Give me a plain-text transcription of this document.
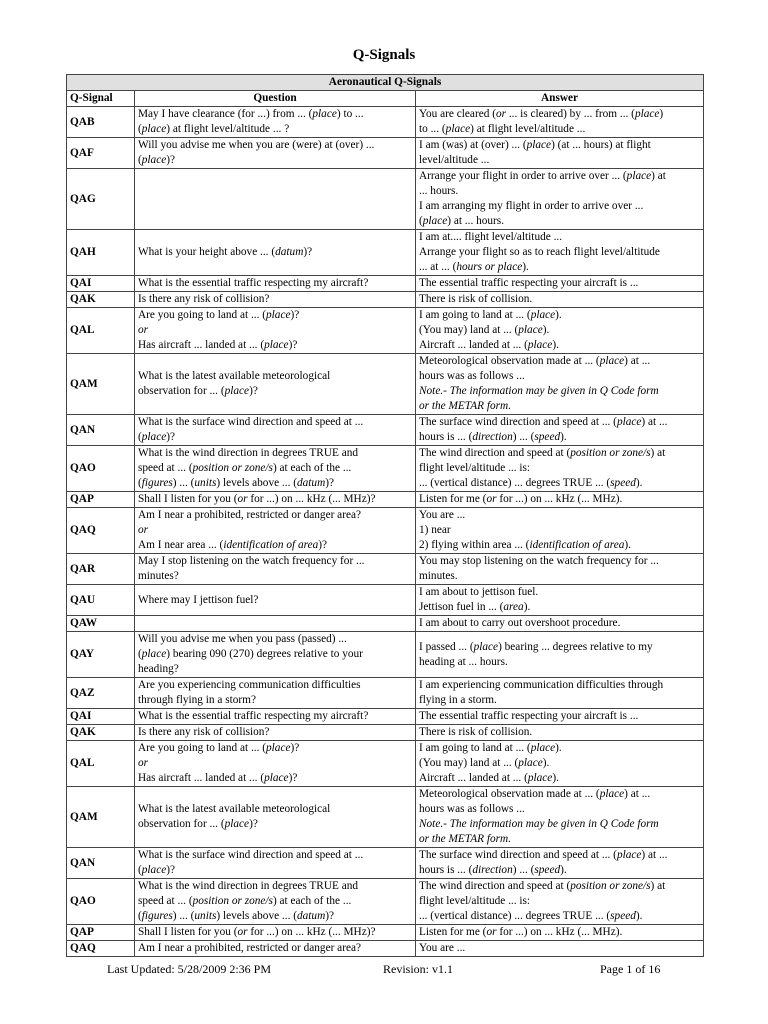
Q-Signals
Aeronautical Q-Signals		
Q-Signal	Question	Answer
QAB	May I have clearance (for ...) from ... (place) to ...
(place) at flight level/altitude ... ?	You are cleared (or ... is cleared) by ... from ... (place)
to ... (place) at flight level/altitude ...

QAF	Will you advise me when you are (were) at (over) ...
(place)?	I am (was) at (over) ... (place) (at ... hours) at flight
level/altitude ...

QAG		Arrange your flight in order to arrive over ... (place) at
... hours.
I am arranging my flight in order to arrive over ...
(place) at ... hours.

QAH	What is your height above ... (datum)?	I am at.... flight level/altitude ...
Arrange your flight so as to reach flight level/altitude
... at ... (hours or place).

QAI	What is the essential traffic respecting my aircraft?	The essential traffic respecting your aircraft is ...

QAK	Is there any risk of collision?	There is risk of collision.

QAL	Are you going to land at ... (place)?
or
Has aircraft ... landed at ... (place)?	I am going to land at ... (place).
(You may) land at ... (place).
Aircraft ... landed at ... (place).

QAM	What is the latest available meteorological
observation for ... (place)?	Meteorological observation made at ... (place) at ...
hours was as follows ...
Note.- The information may be given in Q Code form
or the METAR form.

QAN	What is the surface wind direction and speed at ...
(place)?	The surface wind direction and speed at ... (place) at ...
hours is ... (direction) ... (speed).

QAO	What is the wind direction in degrees TRUE and
speed at ... (position or zone/s) at each of the ...
(figures) ... (units) levels above ... (datum)?	The wind direction and speed at (position or zone/s) at
flight level/altitude ... is:
... (vertical distance) ... degrees TRUE ... (speed).

QAP	Shall I listen for you (or for ...) on ... kHz (... MHz)?	Listen for me (or for ...) on ... kHz (... MHz).

QAQ	Am I near a prohibited, restricted or danger area?
or
Am I near area ... (identification of area)?	You are ...
1) near
2) flying within area ... (identification of area).

QAR	May I stop listening on the watch frequency for ...
minutes?	You may stop listening on the watch frequency for ...
minutes.

QAU	Where may I jettison fuel?	I am about to jettison fuel.
Jettison fuel in ... (area).

QAW		I am about to carry out overshoot procedure.

QAY	Will you advise me when you pass (passed) ...
(place) bearing 090 (270) degrees relative to your
heading?	I passed ... (place) bearing ... degrees relative to my
heading at ... hours.

QAZ	Are you experiencing communication difficulties
through flying in a storm?	I am experiencing communication difficulties through
flying in a storm.

QAI	What is the essential traffic respecting my aircraft?	The essential traffic respecting your aircraft is ...

QAK	Is there any risk of collision?	There is risk of collision.

QAL	Are you going to land at ... (place)?
or
Has aircraft ... landed at ... (place)?	I am going to land at ... (place).
(You may) land at ... (place).
Aircraft ... landed at ... (place).

QAM	What is the latest available meteorological
observation for ... (place)?	Meteorological observation made at ... (place) at ...
hours was as follows ...
Note.- The information may be given in Q Code form
or the METAR form.

QAN	What is the surface wind direction and speed at ...
(place)?	The surface wind direction and speed at ... (place) at ...
hours is ... (direction) ... (speed).

QAO	What is the wind direction in degrees TRUE and
speed at ... (position or zone/s) at each of the ...
(figures) ... (units) levels above ... (datum)?	The wind direction and speed at (position or zone/s) at
flight level/altitude ... is:
... (vertical distance) ... degrees TRUE ... (speed).

QAP	Shall I listen for you (or for ...) on ... kHz (... MHz)?	Listen for me (or for ...) on ... kHz (... MHz).

QAQ	Am I near a prohibited, restricted or danger area?	You are ...
Last Updated: 5/28/2009 2:36 PM	Revision: v1.1	Page 1 of 16
